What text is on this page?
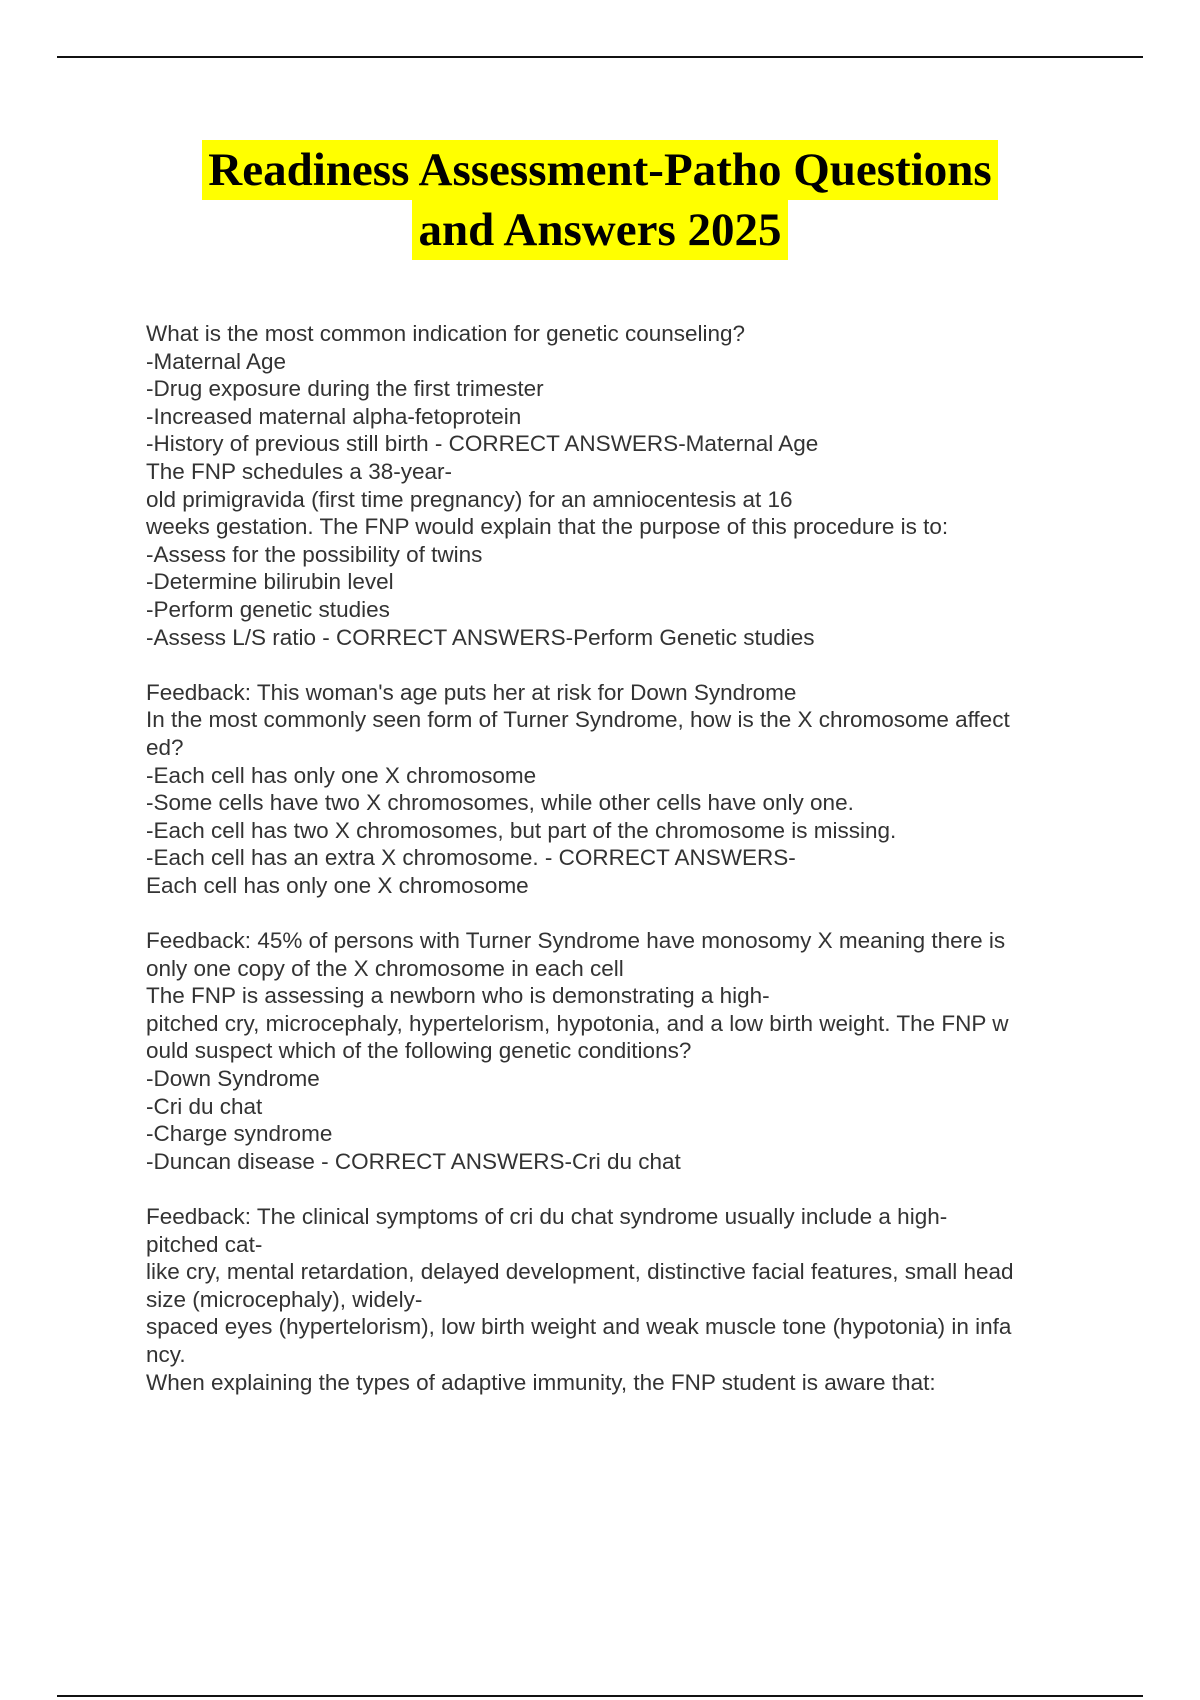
Readiness Assessment-Patho Questions
and Answers 2025
What is the most common indication for genetic counseling?
-Maternal Age
-Drug exposure during the first trimester
-Increased maternal alpha-fetoprotein
-History of previous still birth - CORRECT ANSWERS-Maternal Age
The FNP schedules a 38-year-
old primigravida (first time pregnancy) for an amniocentesis at 16
weeks gestation. The FNP would explain that the purpose of this procedure is to:
-Assess for the possibility of twins
-Determine bilirubin level
-Perform genetic studies
-Assess L/S ratio - CORRECT ANSWERS-Perform Genetic studies
Feedback: This woman's age puts her at risk for Down Syndrome
In the most commonly seen form of Turner Syndrome, how is the X chromosome affect
ed?
-Each cell has only one X chromosome
-Some cells have two X chromosomes, while other cells have only one.
-Each cell has two X chromosomes, but part of the chromosome is missing.
-Each cell has an extra X chromosome. - CORRECT ANSWERS-
Each cell has only one X chromosome
Feedback: 45% of persons with Turner Syndrome have monosomy X meaning there is
only one copy of the X chromosome in each cell
The FNP is assessing a newborn who is demonstrating a high-
pitched cry, microcephaly, hypertelorism, hypotonia, and a low birth weight. The FNP w
ould suspect which of the following genetic conditions?
-Down Syndrome
-Cri du chat
-Charge syndrome
-Duncan disease - CORRECT ANSWERS-Cri du chat
Feedback: The clinical symptoms of cri du chat syndrome usually include a high-
pitched cat-
like cry, mental retardation, delayed development, distinctive facial features, small head
size (microcephaly), widely-
spaced eyes (hypertelorism), low birth weight and weak muscle tone (hypotonia) in infa
ncy.
When explaining the types of adaptive immunity, the FNP student is aware that:
